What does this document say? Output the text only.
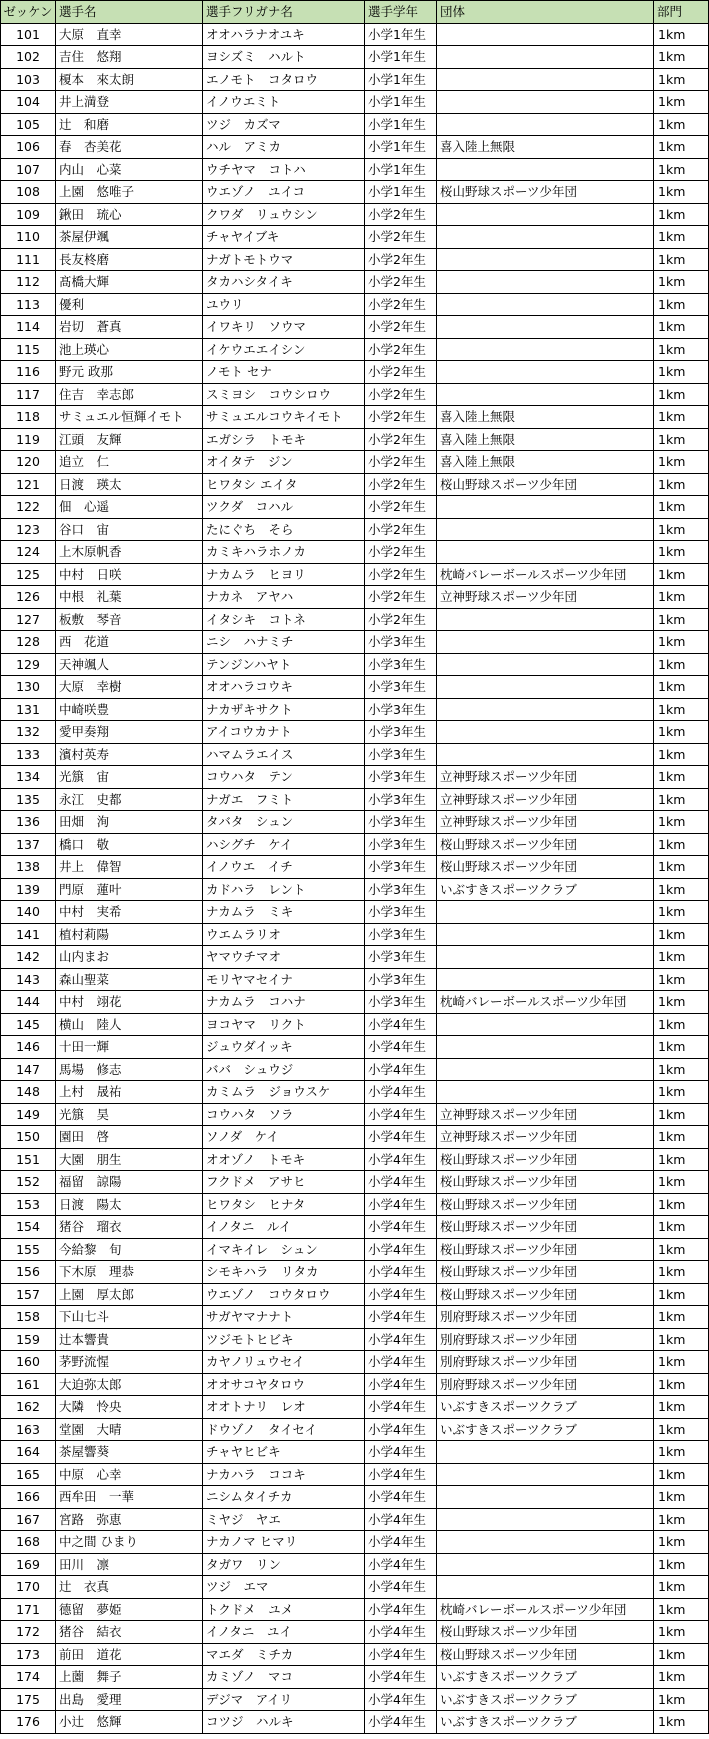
ゼッケン	選手名	選手フリガナ名	選手学年	団体	部門
101	大原　直幸	オオハラナオユキ	小学1年生		1km
102	吉住　悠翔	ヨシズミ　ハルト	小学1年生		1km
103	榎本　來太朗	エノモト　コタロウ	小学1年生		1km
104	井上満登	イノウエミト	小学1年生		1km
105	辻　和磨	ツジ　カズマ	小学1年生		1km
106	春　杏美花	ハル　アミカ	小学1年生	喜入陸上無限	1km
107	内山　心菜	ウチヤマ　コトハ	小学1年生		1km
108	上園　悠唯子	ウエゾノ　ユイコ	小学1年生	桜山野球スポーツ少年団	1km
109	鍬田　琉心	クワダ　リュウシン	小学2年生		1km
110	茶屋伊颯	チャヤイブキ	小学2年生		1km
111	長友柊磨	ナガトモトウマ	小学2年生		1km
112	髙橋大輝	タカハシタイキ	小学2年生		1km
113	優利	ユウリ	小学2年生		1km
114	岩切　蒼真	イワキリ　ソウマ	小学2年生		1km
115	池上瑛心	イケウエエイシン	小学2年生		1km
116	野元 政那	ノモト セナ	小学2年生		1km
117	住吉　幸志郎	スミヨシ　コウシロウ	小学2年生		1km
118	サミュエル恒輝イモト	サミュエルコウキイモト	小学2年生	喜入陸上無限	1km
119	江頭　友輝	エガシラ　トモキ	小学2年生	喜入陸上無限	1km
120	追立　仁	オイタテ　ジン	小学2年生	喜入陸上無限	1km
121	日渡　瑛太	ヒワタシ エイタ	小学2年生	桜山野球スポーツ少年団	1km
122	佃　心遥	ツクダ　コハル	小学2年生		1km
123	谷口　宙	たにぐち　そら	小学2年生		1km
124	上木原帆香	カミキハラホノカ	小学2年生		1km
125	中村　日咲	ナカムラ　ヒヨリ	小学2年生	枕崎バレーボールスポーツ少年団	1km
126	中根　礼葉	ナカネ　アヤハ	小学2年生	立神野球スポーツ少年団	1km
127	板敷　琴音	イタシキ　コトネ	小学2年生		1km
128	西　花道	ニシ　ハナミチ	小学3年生		1km
129	天神颯人	テンジンハヤト	小学3年生		1km
130	大原　幸樹	オオハラコウキ	小学3年生		1km
131	中崎咲豊	ナカザキサクト	小学3年生		1km
132	愛甲奏翔	アイコウカナト	小学3年生		1km
133	濱村英寿	ハマムラエイス	小学3年生		1km
134	光簱　宙	コウハタ　テン	小学3年生	立神野球スポーツ少年団	1km
135	永江　史都	ナガエ　フミト	小学3年生	立神野球スポーツ少年団	1km
136	田畑　洵	タバタ　シュン	小学3年生	立神野球スポーツ少年団	1km
137	橋口　敬	ハシグチ　ケイ	小学3年生	桜山野球スポーツ少年団	1km
138	井上　偉智	イノウエ　イチ	小学3年生	桜山野球スポーツ少年団	1km
139	門原　蓮叶	カドハラ　レント	小学3年生	いぶすきスポーツクラブ	1km
140	中村　実希	ナカムラ　ミキ	小学3年生		1km
141	植村莉陽	ウエムラリオ	小学3年生		1km
142	山内まお	ヤマウチマオ	小学3年生		1km
143	森山聖菜	モリヤマセイナ	小学3年生		1km
144	中村　翊花	ナカムラ　コハナ	小学3年生	枕崎バレーボールスポーツ少年団	1km
145	横山　陸人	ヨコヤマ　リクト	小学4年生		1km
146	十田一輝	ジュウダイッキ	小学4年生		1km
147	馬場　修志	ババ　シュウジ	小学4年生		1km
148	上村　晟祐	カミムラ　ジョウスケ	小学4年生		1km
149	光簱　昊	コウハタ　ソラ	小学4年生	立神野球スポーツ少年団	1km
150	園田　啓	ソノダ　ケイ	小学4年生	立神野球スポーツ少年団	1km
151	大園　朋生	オオゾノ　トモキ	小学4年生	桜山野球スポーツ少年団	1km
152	福留　諒陽	フクドメ　アサヒ	小学4年生	桜山野球スポーツ少年団	1km
153	日渡　陽太	ヒワタシ　ヒナタ	小学4年生	桜山野球スポーツ少年団	1km
154	猪谷　瑠衣	イノタニ　ルイ	小学4年生	桜山野球スポーツ少年団	1km
155	今給黎　旬	イマキイレ　シュン	小学4年生	桜山野球スポーツ少年団	1km
156	下木原　理恭	シモキハラ　リタカ	小学4年生	桜山野球スポーツ少年団	1km
157	上園　厚太郎	ウエゾノ　コウタロウ	小学4年生	桜山野球スポーツ少年団	1km
158	下山七斗	サガヤマナナト	小学4年生	別府野球スポーツ少年団	1km
159	辻本響貴	ツジモトヒビキ	小学4年生	別府野球スポーツ少年団	1km
160	茅野流惺	カヤノリュウセイ	小学4年生	別府野球スポーツ少年団	1km
161	大迫弥太郎	オオサコヤタロウ	小学4年生	別府野球スポーツ少年団	1km
162	大隣　怜央	オオトナリ　レオ	小学4年生	いぶすきスポーツクラブ	1km
163	堂園　大晴	ドウゾノ　タイセイ	小学4年生	いぶすきスポーツクラブ	1km
164	茶屋響葵	チャヤヒビキ	小学4年生		1km
165	中原　心幸	ナカハラ　ココキ	小学4年生		1km
166	西牟田　一華	ニシムタイチカ	小学4年生		1km
167	宮路　弥恵	ミヤジ　ヤエ	小学4年生		1km
168	中之間 ひまり	ナカノマ ヒマリ	小学4年生		1km
169	田川　凛	タガワ　リン	小学4年生		1km
170	辻　衣真	ツジ　エマ	小学4年生		1km
171	德留　夢姫	トクドメ　ユメ	小学4年生	枕崎バレーボールスポーツ少年団	1km
172	猪谷　結衣	イノタニ　ユイ	小学4年生	桜山野球スポーツ少年団	1km
173	前田　道花	マエダ　ミチカ	小学4年生	桜山野球スポーツ少年団	1km
174	上薗　舞子	カミゾノ　マコ	小学4年生	いぶすきスポーツクラブ	1km
175	出島　愛理	デジマ　アイリ	小学4年生	いぶすきスポーツクラブ	1km
176	小辻　悠輝	コツジ　ハルキ	小学4年生	いぶすきスポーツクラブ	1km
